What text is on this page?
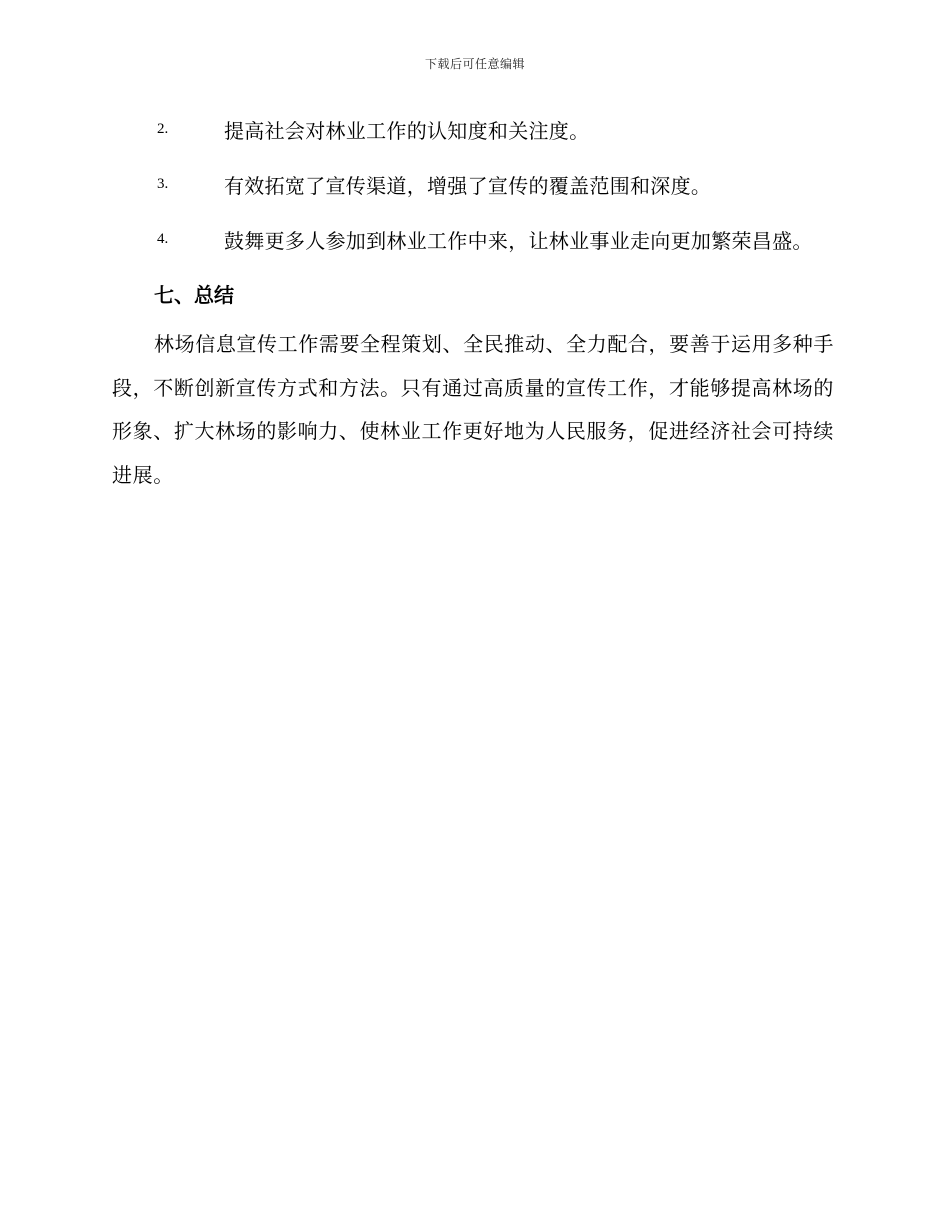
下载后可任意编辑
2.	提高社会对林业工作的认知度和关注度。
3.	有效拓宽了宣传渠道，增强了宣传的覆盖范围和深度。
4.	鼓舞更多人参加到林业工作中来，让林业事业走向更加繁荣昌盛。
七、总结

林场信息宣传工作需要全程策划、全民推动、全力配合，要善于运用多种手段，不断创新宣传方式和方法。只有通过高质量的宣传工作，才能够提高林场的形象、扩大林场的影响力、使林业工作更好地为人民服务，促进经济社会可持续进展。
